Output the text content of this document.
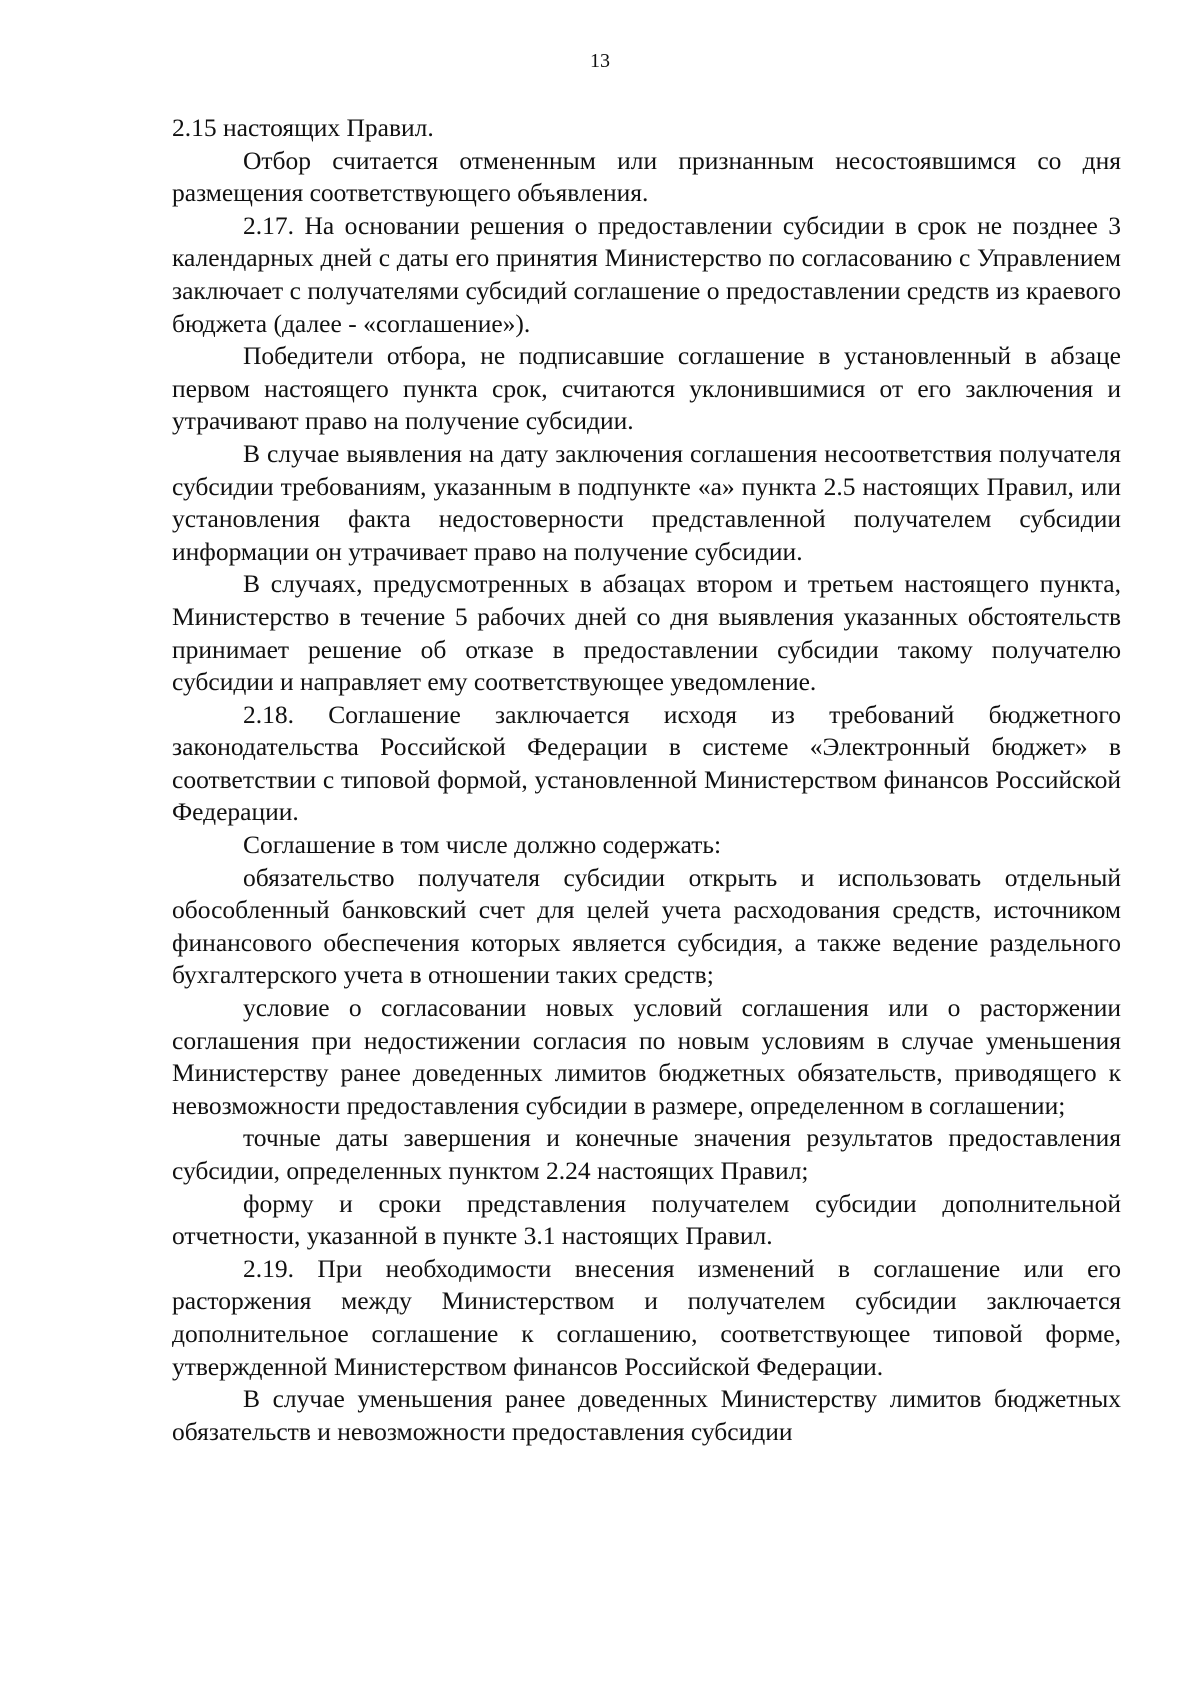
13

2.15 настоящих Правил.

Отбор считается отмененным или признанным несостоявшимся со дня размещения соответствующего объявления.

2.17. На основании решения о предоставлении субсидии в срок не позднее 3 календарных дней с даты его принятия Министерство по согласованию с Управлением заключает с получателями субсидий соглашение о предоставлении средств из краевого бюджета (далее - «соглашение»).

Победители отбора, не подписавшие соглашение в установленный в абзаце первом настоящего пункта срок, считаются уклонившимися от его заключения и утрачивают право на получение субсидии.

В случае выявления на дату заключения соглашения несоответствия получателя субсидии требованиям, указанным в подпункте «а» пункта 2.5 настоящих Правил, или установления факта недостоверности представленной получателем субсидии информации он утрачивает право на получение субсидии.

В случаях, предусмотренных в абзацах втором и третьем настоящего пункта, Министерство в течение 5 рабочих дней со дня выявления указанных обстоятельств принимает решение об отказе в предоставлении субсидии такому получателю субсидии и направляет ему соответствующее уведомление.

2.18. Соглашение заключается исходя из требований бюджетного законодательства Российской Федерации в системе «Электронный бюджет» в соответствии с типовой формой, установленной Министерством финансов Российской Федерации.

Соглашение в том числе должно содержать:

обязательство получателя субсидии открыть и использовать отдельный обособленный банковский счет для целей учета расходования средств, источником финансового обеспечения которых является субсидия, а также ведение раздельного бухгалтерского учета в отношении таких средств;

условие о согласовании новых условий соглашения или о расторжении соглашения при недостижении согласия по новым условиям в случае уменьшения Министерству ранее доведенных лимитов бюджетных обязательств, приводящего к невозможности предоставления субсидии в размере, определенном в соглашении;

точные даты завершения и конечные значения результатов предоставления субсидии, определенных пунктом 2.24 настоящих Правил;

форму и сроки представления получателем субсидии дополнительной отчетности, указанной в пункте 3.1 настоящих Правил.

2.19. При необходимости внесения изменений в соглашение или его расторжения между Министерством и получателем субсидии заключается дополнительное соглашение к соглашению, соответствующее типовой форме, утвержденной Министерством финансов Российской Федерации.

В случае уменьшения ранее доведенных Министерству лимитов бюджетных обязательств и невозможности предоставления субсидии
